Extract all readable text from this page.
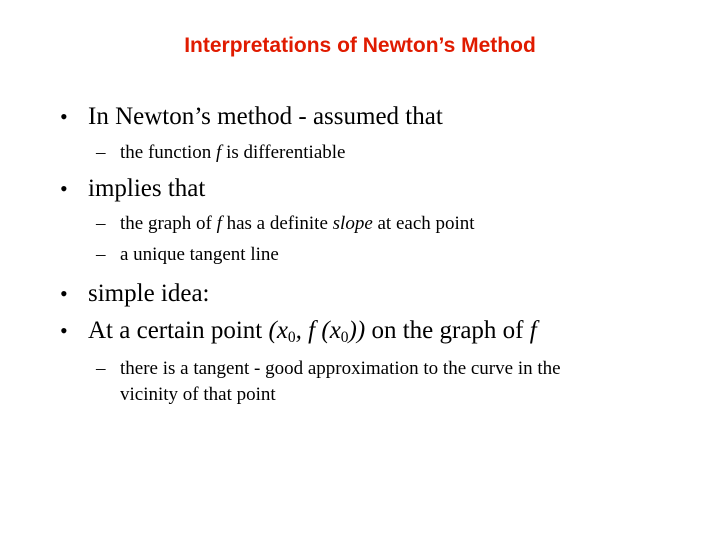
Interpretations of Newton’s Method
• In Newton’s method - assumed that
– the function f is differentiable
• implies that
– the graph of f has a definite slope at each point
– a unique tangent line
• simple idea:
• At a certain point ($x_0$, f $(x_0)$) on the graph of f
– there is a tangent - good approximation to the curve in the
vicinity of that point
